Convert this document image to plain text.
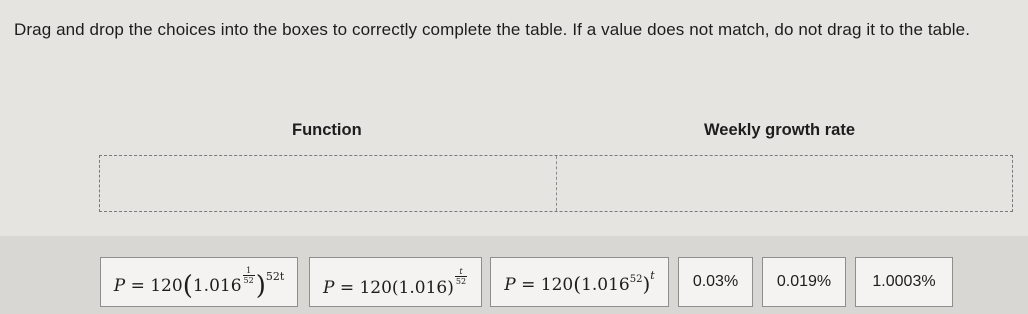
Drag and drop the choices into the boxes to correctly complete the table. If a value does not match, do not drag it to the table.
Function	Weekly growth rate
P = 120(1.016
$\frac{1}{52} )^{52t}$
P = 120(1.016)
$\frac{t}{52}$ $P = 120(1.016^{52})^t$ 0.03% 0.019%	1.0003%
